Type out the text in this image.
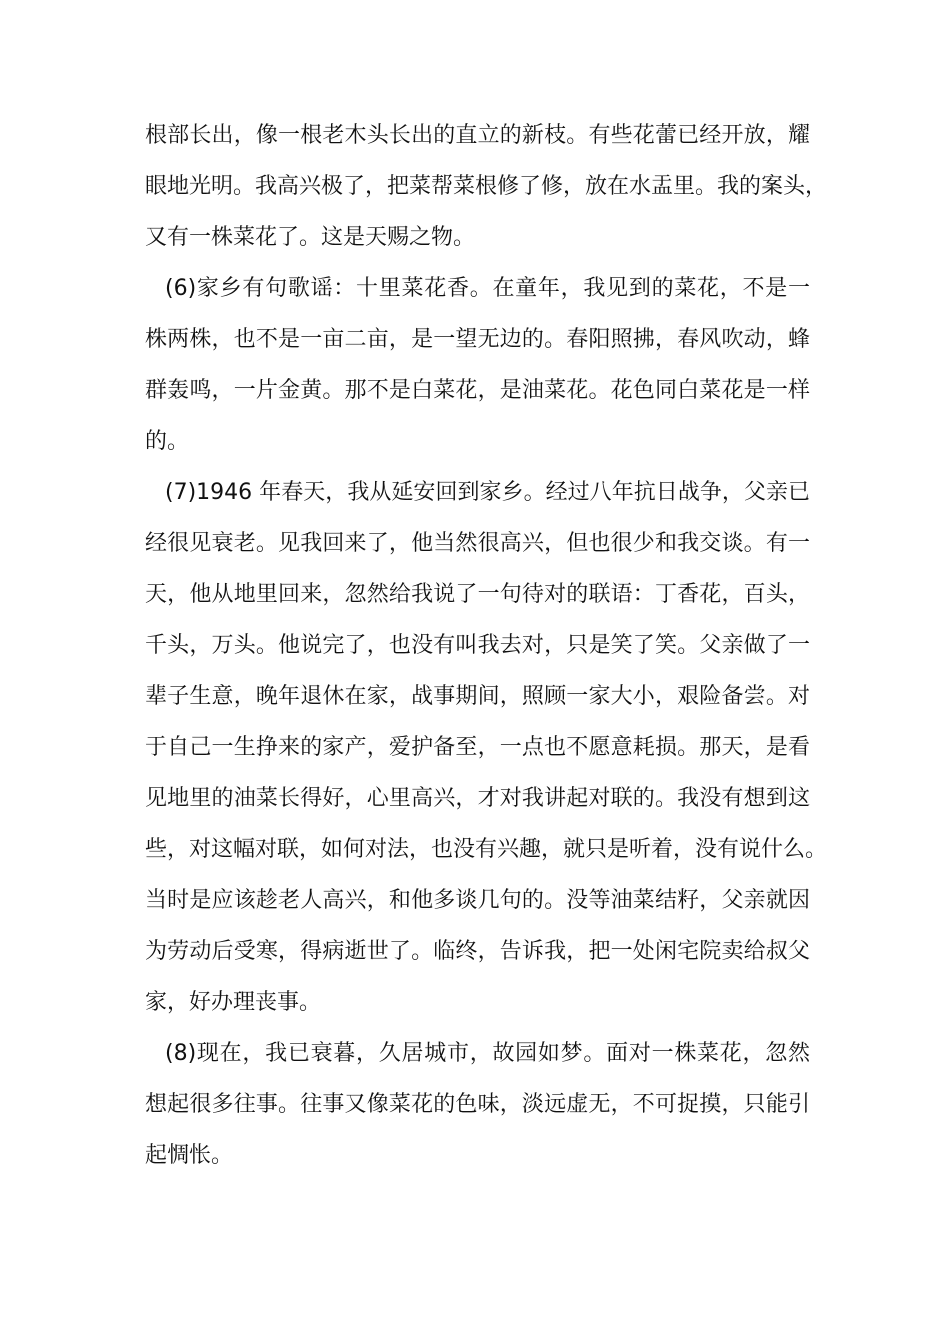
根部长出，像一根老木头长出的直立的新枝。有些花蕾已经开放，耀
眼地光明。我高兴极了，把菜帮菜根修了修，放在水盂里。我的案头，
又有一株菜花了。这是天赐之物。
(6)家乡有句歌谣：十里菜花香。在童年，我见到的菜花，不是一
株两株，也不是一亩二亩，是一望无边的。春阳照拂，春风吹动，蜂
群轰鸣，一片金黄。那不是白菜花，是油菜花。花色同白菜花是一样
的。
(7)1946 年春天，我从延安回到家乡。经过八年抗日战争，父亲已
经很见衰老。见我回来了，他当然很高兴，但也很少和我交谈。有一
天，他从地里回来，忽然给我说了一句待对的联语：丁香花，百头，
千头，万头。他说完了，也没有叫我去对，只是笑了笑。父亲做了一
辈子生意，晚年退休在家，战事期间，照顾一家大小，艰险备尝。对
于自己一生挣来的家产，爱护备至，一点也不愿意耗损。那天，是看
见地里的油菜长得好，心里高兴，才对我讲起对联的。我没有想到这
些，对这幅对联，如何对法，也没有兴趣，就只是听着，没有说什么。
当时是应该趁老人高兴，和他多谈几句的。没等油菜结籽，父亲就因
为劳动后受寒，得病逝世了。临终，告诉我，把一处闲宅院卖给叔父
家，好办理丧事。
(8)现在，我已衰暮，久居城市，故园如梦。面对一株菜花，忽然
想起很多往事。往事又像菜花的色味，淡远虚无，不可捉摸，只能引
起惆怅。
